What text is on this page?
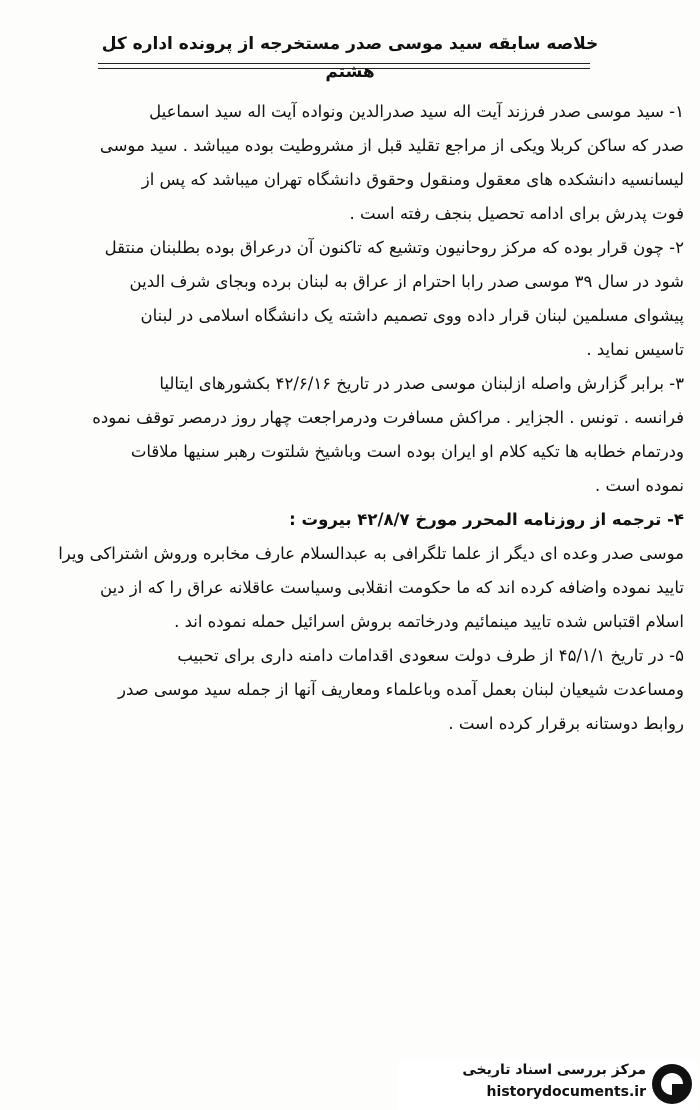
خلاصه سابقه سید موسی صدر مستخرجه از پرونده اداره کل هشتم
۱- سید موسی صدر فرزند آیت اله سید صدرالدین ونواده آیت اله سید اسماعیل
صدر که ساکن کربلا ویکی از مراجع تقلید قبل از مشروطیت بوده میباشد . سید موسی
لیسانسیه دانشکده های معقول ومنقول وحقوق دانشگاه تهران میباشد که پس از
فوت پدرش برای ادامه تحصیل بنجف رفته است .
۲- چون قرار بوده که مرکز روحانیون وتشیع که تاکنون آن درعراق بوده بطلبنان منتقل
شود در سال ۳۹ موسی صدر رابا احترام از عراق به لبنان برده وبجای شرف الدین
پیشوای مسلمین لبنان قرار داده ووی تصمیم داشته یک دانشگاه اسلامی در لبنان
تاسیس نماید .
۳- برابر گزارش واصله ازلبنان موسی صدر در تاریخ ۴۲/۶/۱۶ بکشورهای ایتالیا
فرانسه . تونس . الجزایر . مراکش مسافرت ودرمراجعت چهار روز درمصر توقف نموده
ودرتمام خطابه ها تکیه کلام او ایران بوده است وباشیخ شلتوت رهبر سنیها ملاقات
نموده است .
۴- ترجمه از روزنامه المحرر مورخ ۴۲/۸/۷ بیروت :
موسی صدر وعده ای دیگر از علما تلگرافی به عبدالسلام عارف مخابره وروش اشتراکی ویرا
تایید نموده واضافه کرده اند که ما حکومت انقلابی وسیاست عاقلانه عراق را که از دین
اسلام اقتباس شده تایید مینمائیم ودرخاتمه بروش اسرائیل حمله نموده اند .
۵- در تاریخ ۴۵/۱/۱ از طرف دولت سعودی اقدامات دامنه داری برای تحبیب
ومساعدت شیعیان لبنان بعمل آمده وباعلماء ومعاریف آنها از جمله سید موسی صدر
روابط دوستانه برقرار کرده است .
مرکز بررسی اسناد تاریخی
historydocuments.ir
